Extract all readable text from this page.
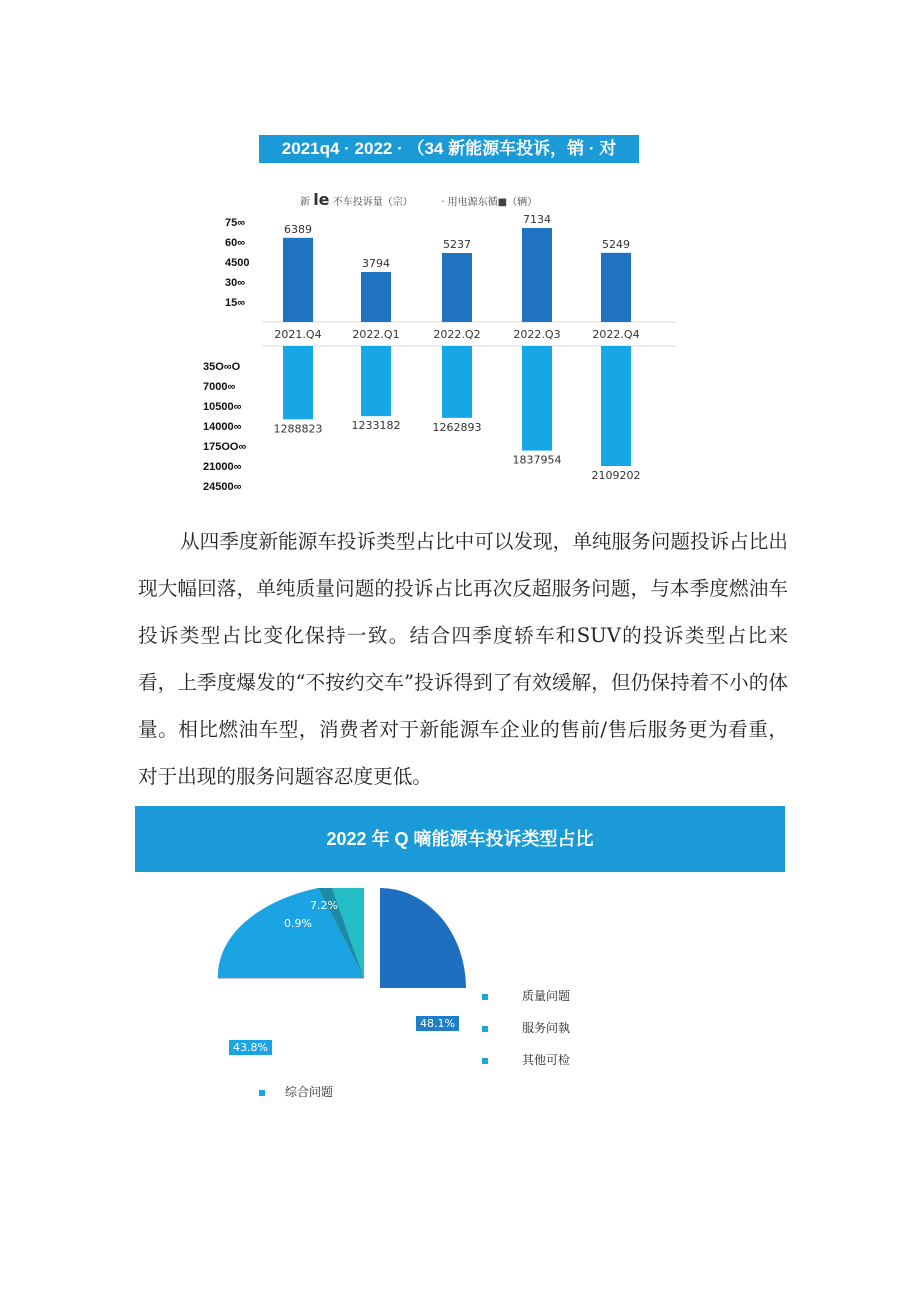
2021q4 · 2022 · （34 新能源车投诉，销 · 对
新 le 不车投诉量（宗）	· 用电源东循■（辆）
75∞
60∞
4500
30∞
15∞
35O∞O
7000∞
10500∞
14000∞
175OO∞
21000∞
24500∞
6389
2021.Q4
1288823
3794
2022.Q1
1233182
5237
2022.Q2
1262893
7134
2022.Q3
1837954
5249
2022.Q4
2109202
从四季度新能源车投诉类型占比中可以发现，单纯服务问题投诉占比出现大幅回落，单纯质量问题的投诉占比再次反超服务问题，与本季度燃油车投诉类型占比变化保持一致。结合四季度轿车和SUV的投诉类型占比来看，上季度爆发的“不按约交车”投诉得到了有效缓解，但仍保持着不小的体量。相比燃油车型，消费者对于新能源车企业的售前/售后服务更为看重，对于出现的服务问题容忍度更低。
2022 年 Q 嘀能源车投诉类型占比
7.2%
0.9%
48.1%
43.8%
质量问题
服务问執
其他可检
综合问题
